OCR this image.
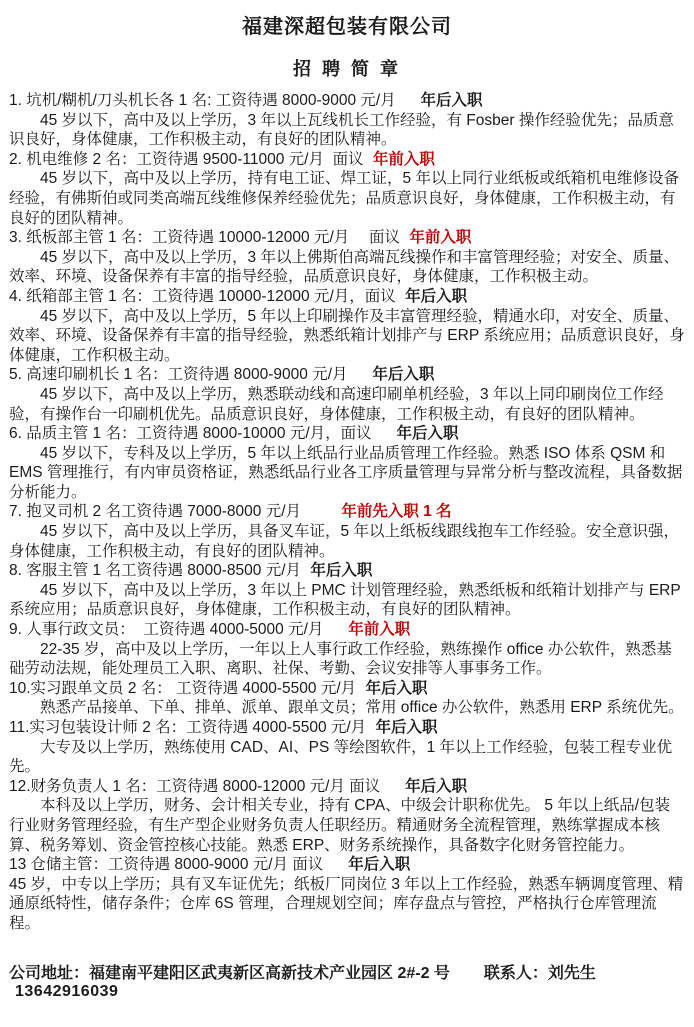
福建深超包装有限公司
招 聘 简 章

1. 坑机/糊机/刀头机长各 1 名: 工资待遇 8000-9000 元/月　年后入职

45 岁以下，高中及以上学历，3 年以上瓦线机长工作经验，有 Fosber 操作经验优先；品质意识良好，身体健康，工作积极主动，有良好的团队精神。

2. 机电维修 2 名：工资待遇 9500-11000 元/月  面议 年前入职

45 岁以下，高中及以上学历，持有电工证、焊工证，5 年以上同行业纸板或纸箱机电维修设备经验，有佛斯伯或同类高端瓦线维修保养经验优先；品质意识良好，身体健康，工作积极主动，有良好的团队精神。

3. 纸板部主管 1 名：工资待遇 10000-12000 元/月　 面议 年前入职

45 岁以下，高中及以上学历，3 年以上佛斯伯高端瓦线操作和丰富管理经验；对安全、质量、效率、环境、设备保养有丰富的指导经验，品质意识良好，身体健康，工作积极主动。

4. 纸箱部主管 1 名：工资待遇 10000-12000 元/月，面议 年后入职

45 岁以下，高中及以上学历，5 年以上印刷操作及丰富管理经验，精通水印，对安全、质量、效率、环境、设备保养有丰富的指导经验，熟悉纸箱计划排产与 ERP 系统应用；品质意识良好，身体健康，工作积极主动。

5. 高速印刷机长 1 名：工资待遇 8000-9000 元/月　年后入职

45 岁以下，高中及以上学历，熟悉联动线和高速印刷单机经验，3 年以上同印刷岗位工作经验，有操作台一印刷机优先。品质意识良好，身体健康，工作积极主动，有良好的团队精神。

6. 品质主管 1 名：工资待遇 8000-10000 元/月，面议　年后入职

45 岁以下，专科及以上学历，5 年以上纸品行业品质管理工作经验。熟悉 ISO 体系 QSM 和 EMS 管理推行，有内审员资格证，熟悉纸品行业各工序质量管理与异常分析与整改流程，具备数据分析能力。

7. 抱叉司机 2 名工资待遇 7000-8000 元/月　　年前先入职 1 名

45 岁以下，高中及以上学历，具备叉车证，5 年以上纸板线跟线抱车工作经验。安全意识强，身体健康，工作积极主动，有良好的团队精神。

8. 客服主管 1 名工资待遇 8000-8500 元/月 年后入职

45 岁以下，高中及以上学历，3 年以上 PMC 计划管理经验，熟悉纸板和纸箱计划排产与 ERP 系统应用；品质意识良好，身体健康，工作积极主动，有良好的团队精神。

9. 人事行政文员：  工资待遇 4000-5000 元/月　年前入职

22-35 岁，高中及以上学历，一年以上人事行政工作经验，熟练操作 office 办公软件，熟悉基础劳动法规，能处理员工入职、离职、社保、考勤、会议安排等人事事务工作。

10.实习跟单文员 2 名： 工资待遇 4000-5500 元/月 年后入职

熟悉产品接单、下单、排单、派单、跟单文员；常用 office 办公软件，熟悉用 ERP 系统优先。

11.实习包装设计师 2 名：工资待遇 4000-5500 元/月 年后入职

大专及以上学历，熟练使用 CAD、AI、PS 等绘图软件，1 年以上工作经验，包装工程专业优先。

12.财务负责人 1 名：工资待遇 8000-12000 元/月 面议　年后入职

本科及以上学历，财务、会计相关专业，持有 CPA、中级会计职称优先。 5 年以上纸品/包装行业财务管理经验，有生产型企业财务负责人任职经历。精通财务全流程管理，熟练掌握成本核算、税务筹划、资金管控核心技能。熟悉 ERP、财务系统操作，具备数字化财务管控能力。

13 仓储主管：工资待遇 8000-9000 元/月 面议　年后入职

45 岁，中专以上学历；具有叉车证优先；纸板厂同岗位 3 年以上工作经验，熟悉车辆调度管理、精通原纸特性，储存条件；仓库 6S 管理，合理规划空间；库存盘点与管控，严格执行仓库管理流程。

公司地址：福建南平建阳区武夷新区高新技术产业园区 2#-2 号 联系人：刘先生13642916039
